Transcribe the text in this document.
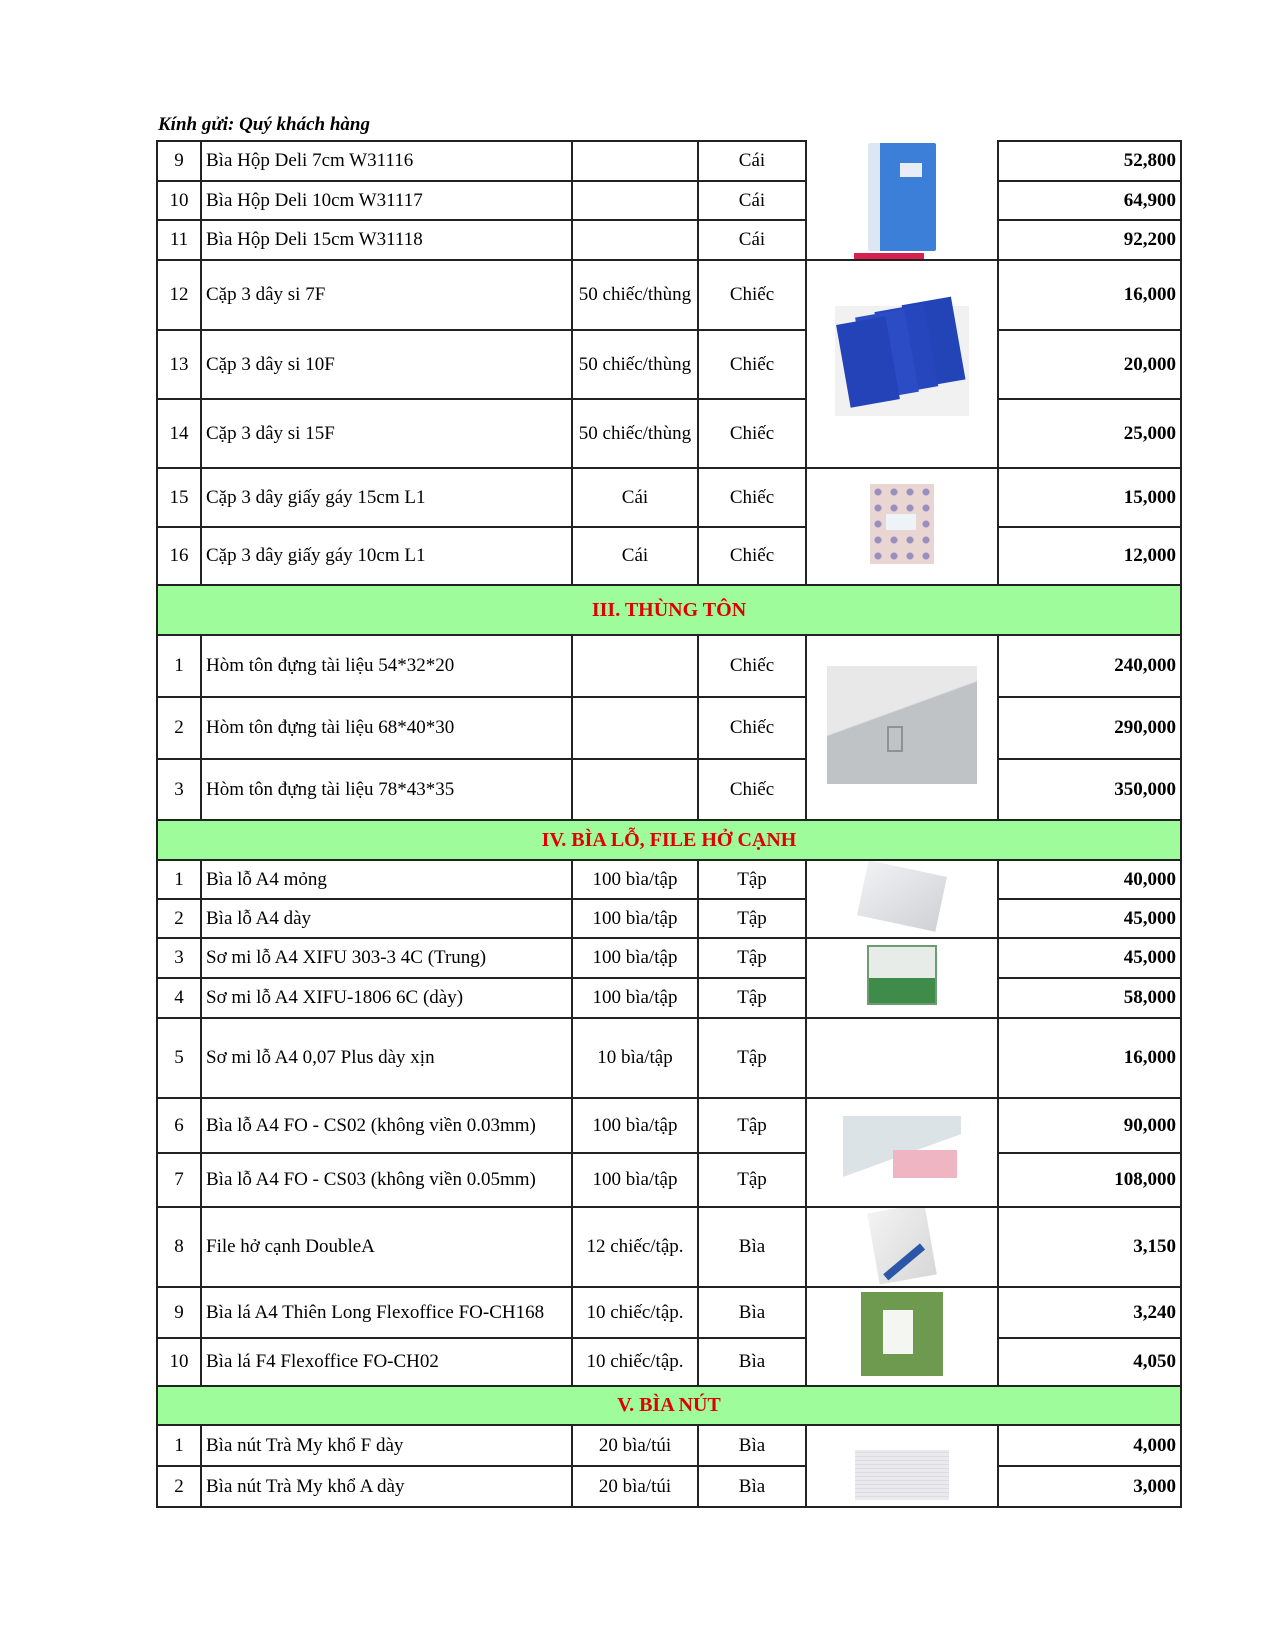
Kính gửi: Quý khách hàng
9	Bìa Hộp Deli 7cm W31116		Cái		52,800
10	Bìa Hộp Deli 10cm W31117		Cái		64,900
11	Bìa Hộp Deli 15cm W31118		Cái		92,200
12	Cặp 3 dây si 7F	50 chiếc/thùng	Chiếc		16,000
13	Cặp 3 dây si 10F	50 chiếc/thùng	Chiếc		20,000
14	Cặp 3 dây si 15F	50 chiếc/thùng	Chiếc		25,000
15	Cặp 3 dây giấy gáy 15cm L1	Cái	Chiếc		15,000
16	Cặp 3 dây giấy gáy 10cm L1	Cái	Chiếc		12,000
III. THÙNG TÔN					
1	Hòm tôn đựng tài liệu 54*32*20		Chiếc		240,000
2	Hòm tôn đựng tài liệu 68*40*30		Chiếc		290,000
3	Hòm tôn đựng tài liệu 78*43*35		Chiếc		350,000
IV. BÌA LỖ, FILE HỞ CẠNH					
1	Bìa lỗ A4 mỏng	100 bìa/tập	Tập		40,000
2	Bìa lỗ A4 dày	100 bìa/tập	Tập		45,000
3	Sơ mi lỗ A4 XIFU 303-3 4C (Trung)	100 bìa/tập	Tập		45,000
4	Sơ mi lỗ A4 XIFU-1806 6C (dày)	100 bìa/tập	Tập		58,000
5	Sơ mi lỗ A4 0,07 Plus dày xịn	10 bìa/tập	Tập		16,000
6	Bìa lỗ A4 FO - CS02 (không viền 0.03mm)	100 bìa/tập	Tập		90,000
7	Bìa lỗ A4 FO - CS03 (không viền 0.05mm)	100 bìa/tập	Tập		108,000
8	File hở cạnh DoubleA	12 chiếc/tập.	Bìa		3,150
9	Bìa lá A4 Thiên Long Flexoffice FO-CH168	10 chiếc/tập.	Bìa		3,240
10	Bìa lá F4 Flexoffice FO-CH02	10 chiếc/tập.	Bìa		4,050
V. BÌA NÚT					
1	Bìa nút Trà My khổ F dày	20 bìa/túi	Bìa		4,000
2	Bìa nút Trà My khổ A dày	20 bìa/túi	Bìa		3,000
